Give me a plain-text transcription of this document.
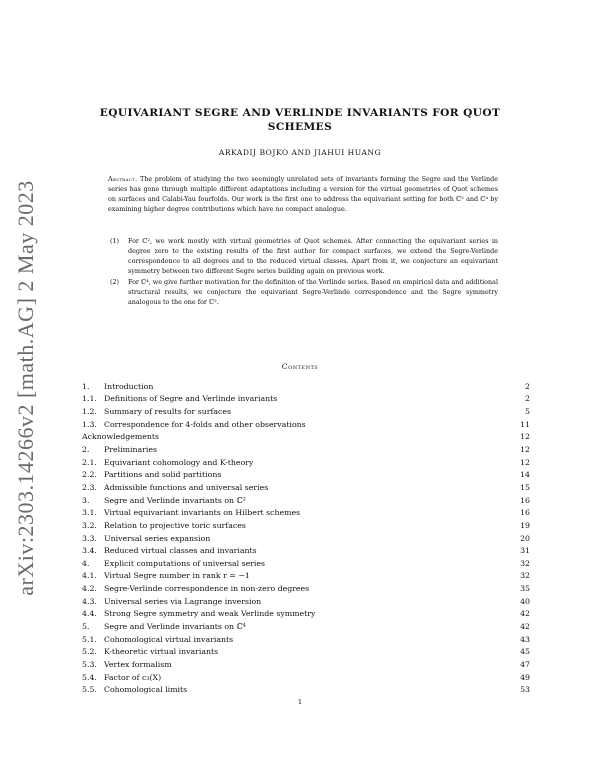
arXiv:2303.14266v2 [math.AG] 2 May 2023
EQUIVARIANT SEGRE AND VERLINDE INVARIANTS FOR QUOT
SCHEMES
ARKADIJ BOJKO AND JIAHUI HUANG
Abstract. The problem of studying the two seemingly unrelated sets of invariants forming the Segre and the Verlinde series has gone through multiple different adaptations including a version for the virtual geometries of Quot schemes on surfaces and Calabi-Yau fourfolds. Our work is the first one to address the equivariant setting for both ℂ² and ℂ⁴ by examining higher degree contributions which have no compact analogue.
(1) For ℂ², we work mostly with virtual geometries of Quot schemes. After connecting the equivariant series in degree zero to the existing results of the first author for compact surfaces, we extend the Segre-Verlinde correspondence to all degrees and to the reduced virtual classes. Apart from it, we conjecture an equivariant symmetry between two different Segre series building again on previous work.
(2) For ℂ⁴, we give further motivation for the definition of the Verlinde series. Based on empirical data and additional structural results, we conjecture the equivariant Segre-Verlinde correspondence and the Segre symmetry analogous to the one for ℂ².
Contents
1.	Introduction	2
1.1. Definitions of Segre and Verlinde invariants	2
1.2. Summary of results for surfaces	5
1.3. Correspondence for 4-folds and other observations	11
Acknowledgements	12
2.	Preliminaries	12
2.1. Equivariant cohomology and K-theory	12
2.2. Partitions and solid partitions	14
2.3. Admissible functions and universal series	15
3.	Segre and Verlinde invariants on ℂ²	16
3.1. Virtual equivariant invariants on Hilbert schemes	16
3.2. Relation to projective toric surfaces	19
3.3. Universal series expansion	20
3.4. Reduced virtual classes and invariants	31
4.	Explicit computations of universal series	32
4.1. Virtual Segre number in rank r = −1	32
4.2. Segre-Verlinde correspondence in non-zero degrees	35
4.3. Universal series via Lagrange inversion	40
4.4. Strong Segre symmetry and weak Verlinde symmetry	42
5.	Segre and Verlinde invariants on ℂ⁴	42
5.1. Cohomological virtual invariants	43
5.2. K-theoretic virtual invariants	45
5.3. Vertex formalism	47
5.4. Factor of c₃(X)	49
5.5. Cohomological limits	53
1
